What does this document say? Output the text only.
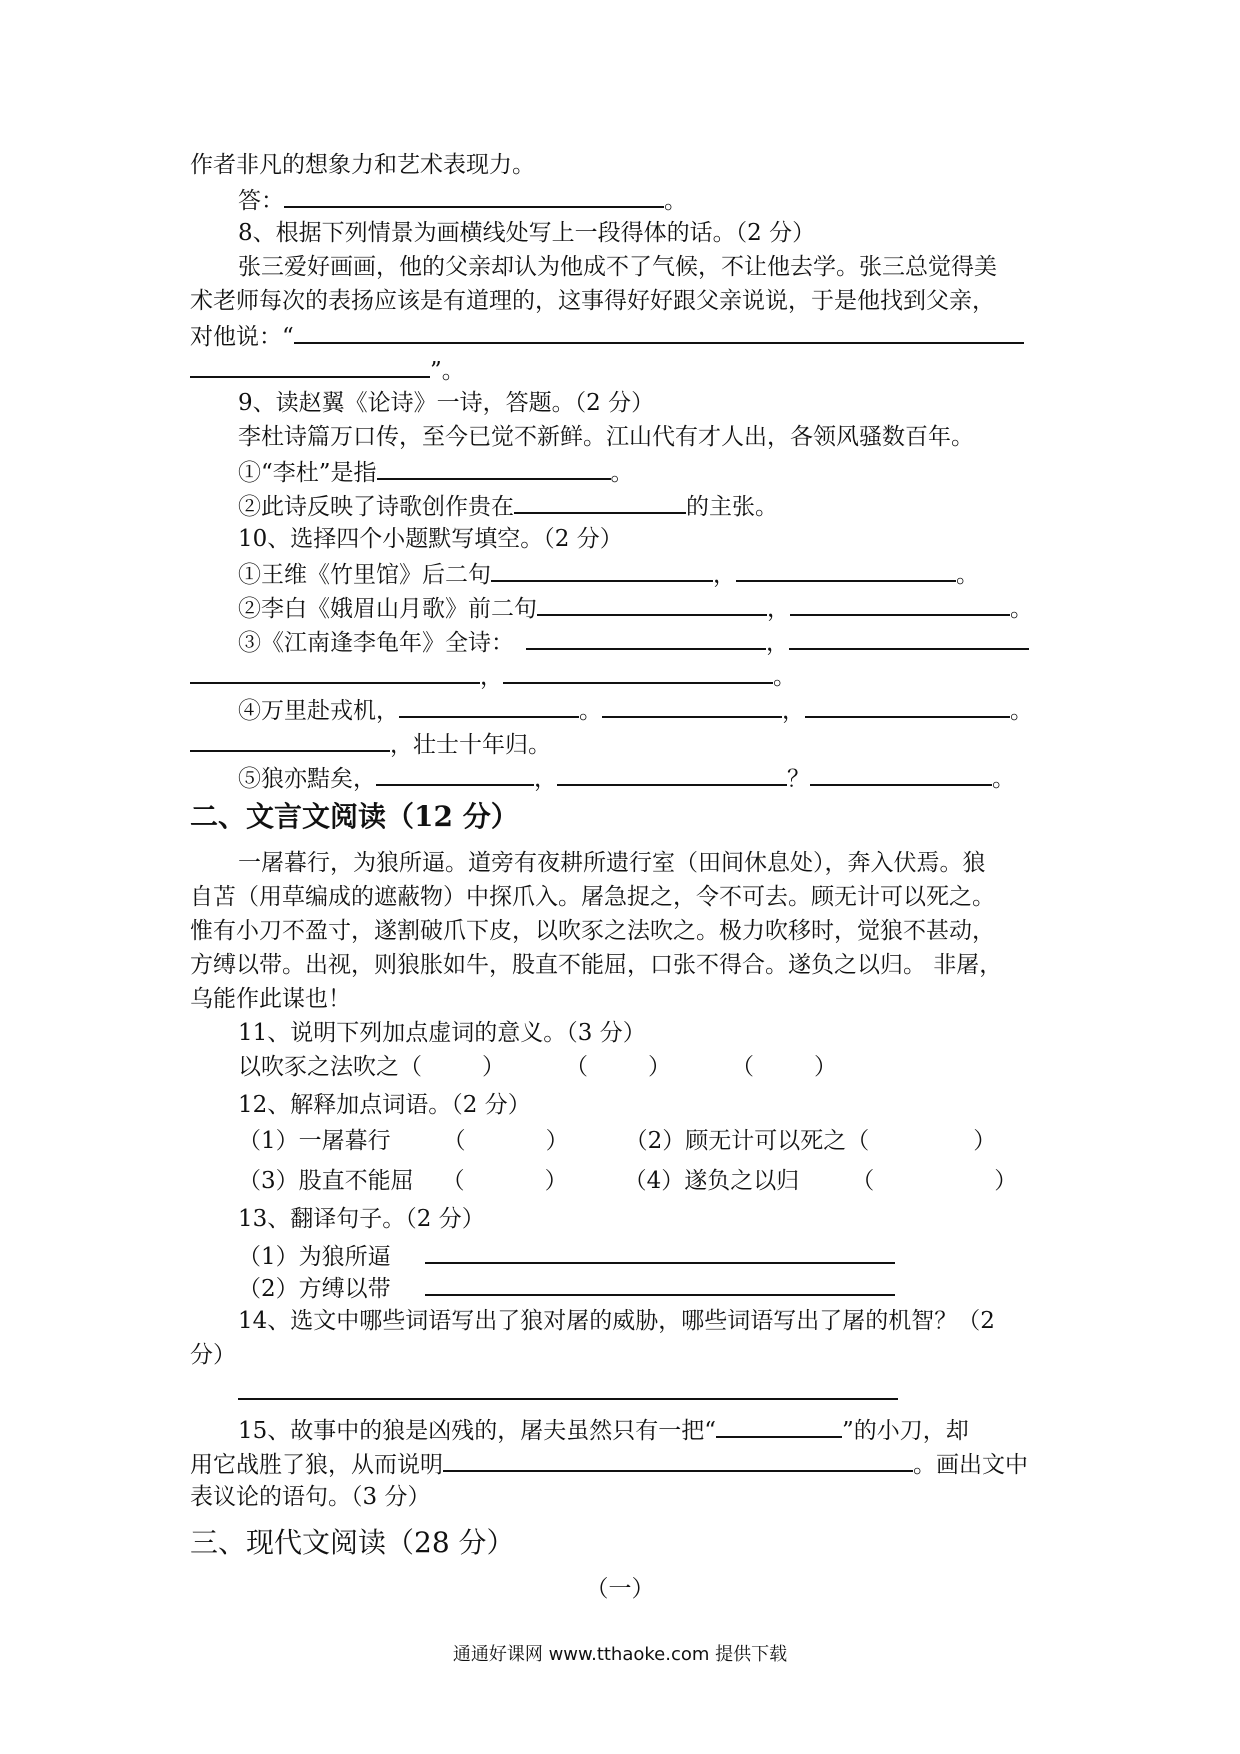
作者非凡的想象力和艺术表现力。
答：	。
8、根据下列情景为画横线处写上一段得体的话。（2 分）
张三爱好画画，他的父亲却认为他成不了气候，不让他去学。张三总觉得美
术老师每次的表扬应该是有道理的，这事得好好跟父亲说说，于是他找到父亲，
对他说：“
”。
9、读赵翼《论诗》一诗，答题。（2 分）
李杜诗篇万口传，至今已觉不新鲜。江山代有才人出，各领风骚数百年。
①“李杜”是指	。
②此诗反映了诗歌创作贵在	的主张。
10、选择四个小题默写填空。（2 分）
①王维《竹里馆》后二句	，	。
②李白《娥眉山月歌》前二句	，	。
③《江南逢李龟年》全诗：	，
，	。
④万里赴戎机，	。	，	。
，壮士十年归。
⑤狼亦黠矣，	，	？	。
二、文言文阅读（12 分）
一屠暮行，为狼所逼。道旁有夜耕所遗行室（田间休息处），奔入伏焉。狼
自苫（用草编成的遮蔽物）中探爪入。屠急捉之，令不可去。顾无计可以死之。
惟有小刀不盈寸，遂割破爪下皮，以吹豕之法吹之。极力吹移时，觉狼不甚动，
方缚以带。出视，则狼胀如牛，股直不能屈，口张不得合。遂负之以归。 非屠，
乌能作此谋也！
11、说明下列加点虚词的意义。（3 分）
以吹豕之法吹之（	）	（	）	（	）
12、解释加点词语。（2 分）
（1）一屠暮行 （	） （2）顾无计可以死之（	）
（3）股直不能屈 （	） （4）遂负之以归 （	）
13、翻译句子。（2 分）
（1）为狼所逼
（2）方缚以带
14、选文中哪些词语写出了狼对屠的威胁，哪些词语写出了屠的机智？（2
分）
15、故事中的狼是凶残的，屠夫虽然只有一把“	”的小刀，却
用它战胜了狼，从而说明	。画出文中
表议论的语句。（3 分）
三、现代文阅读（28 分）
（一）
通通好课网 www.tthaoke.com 提供下载
